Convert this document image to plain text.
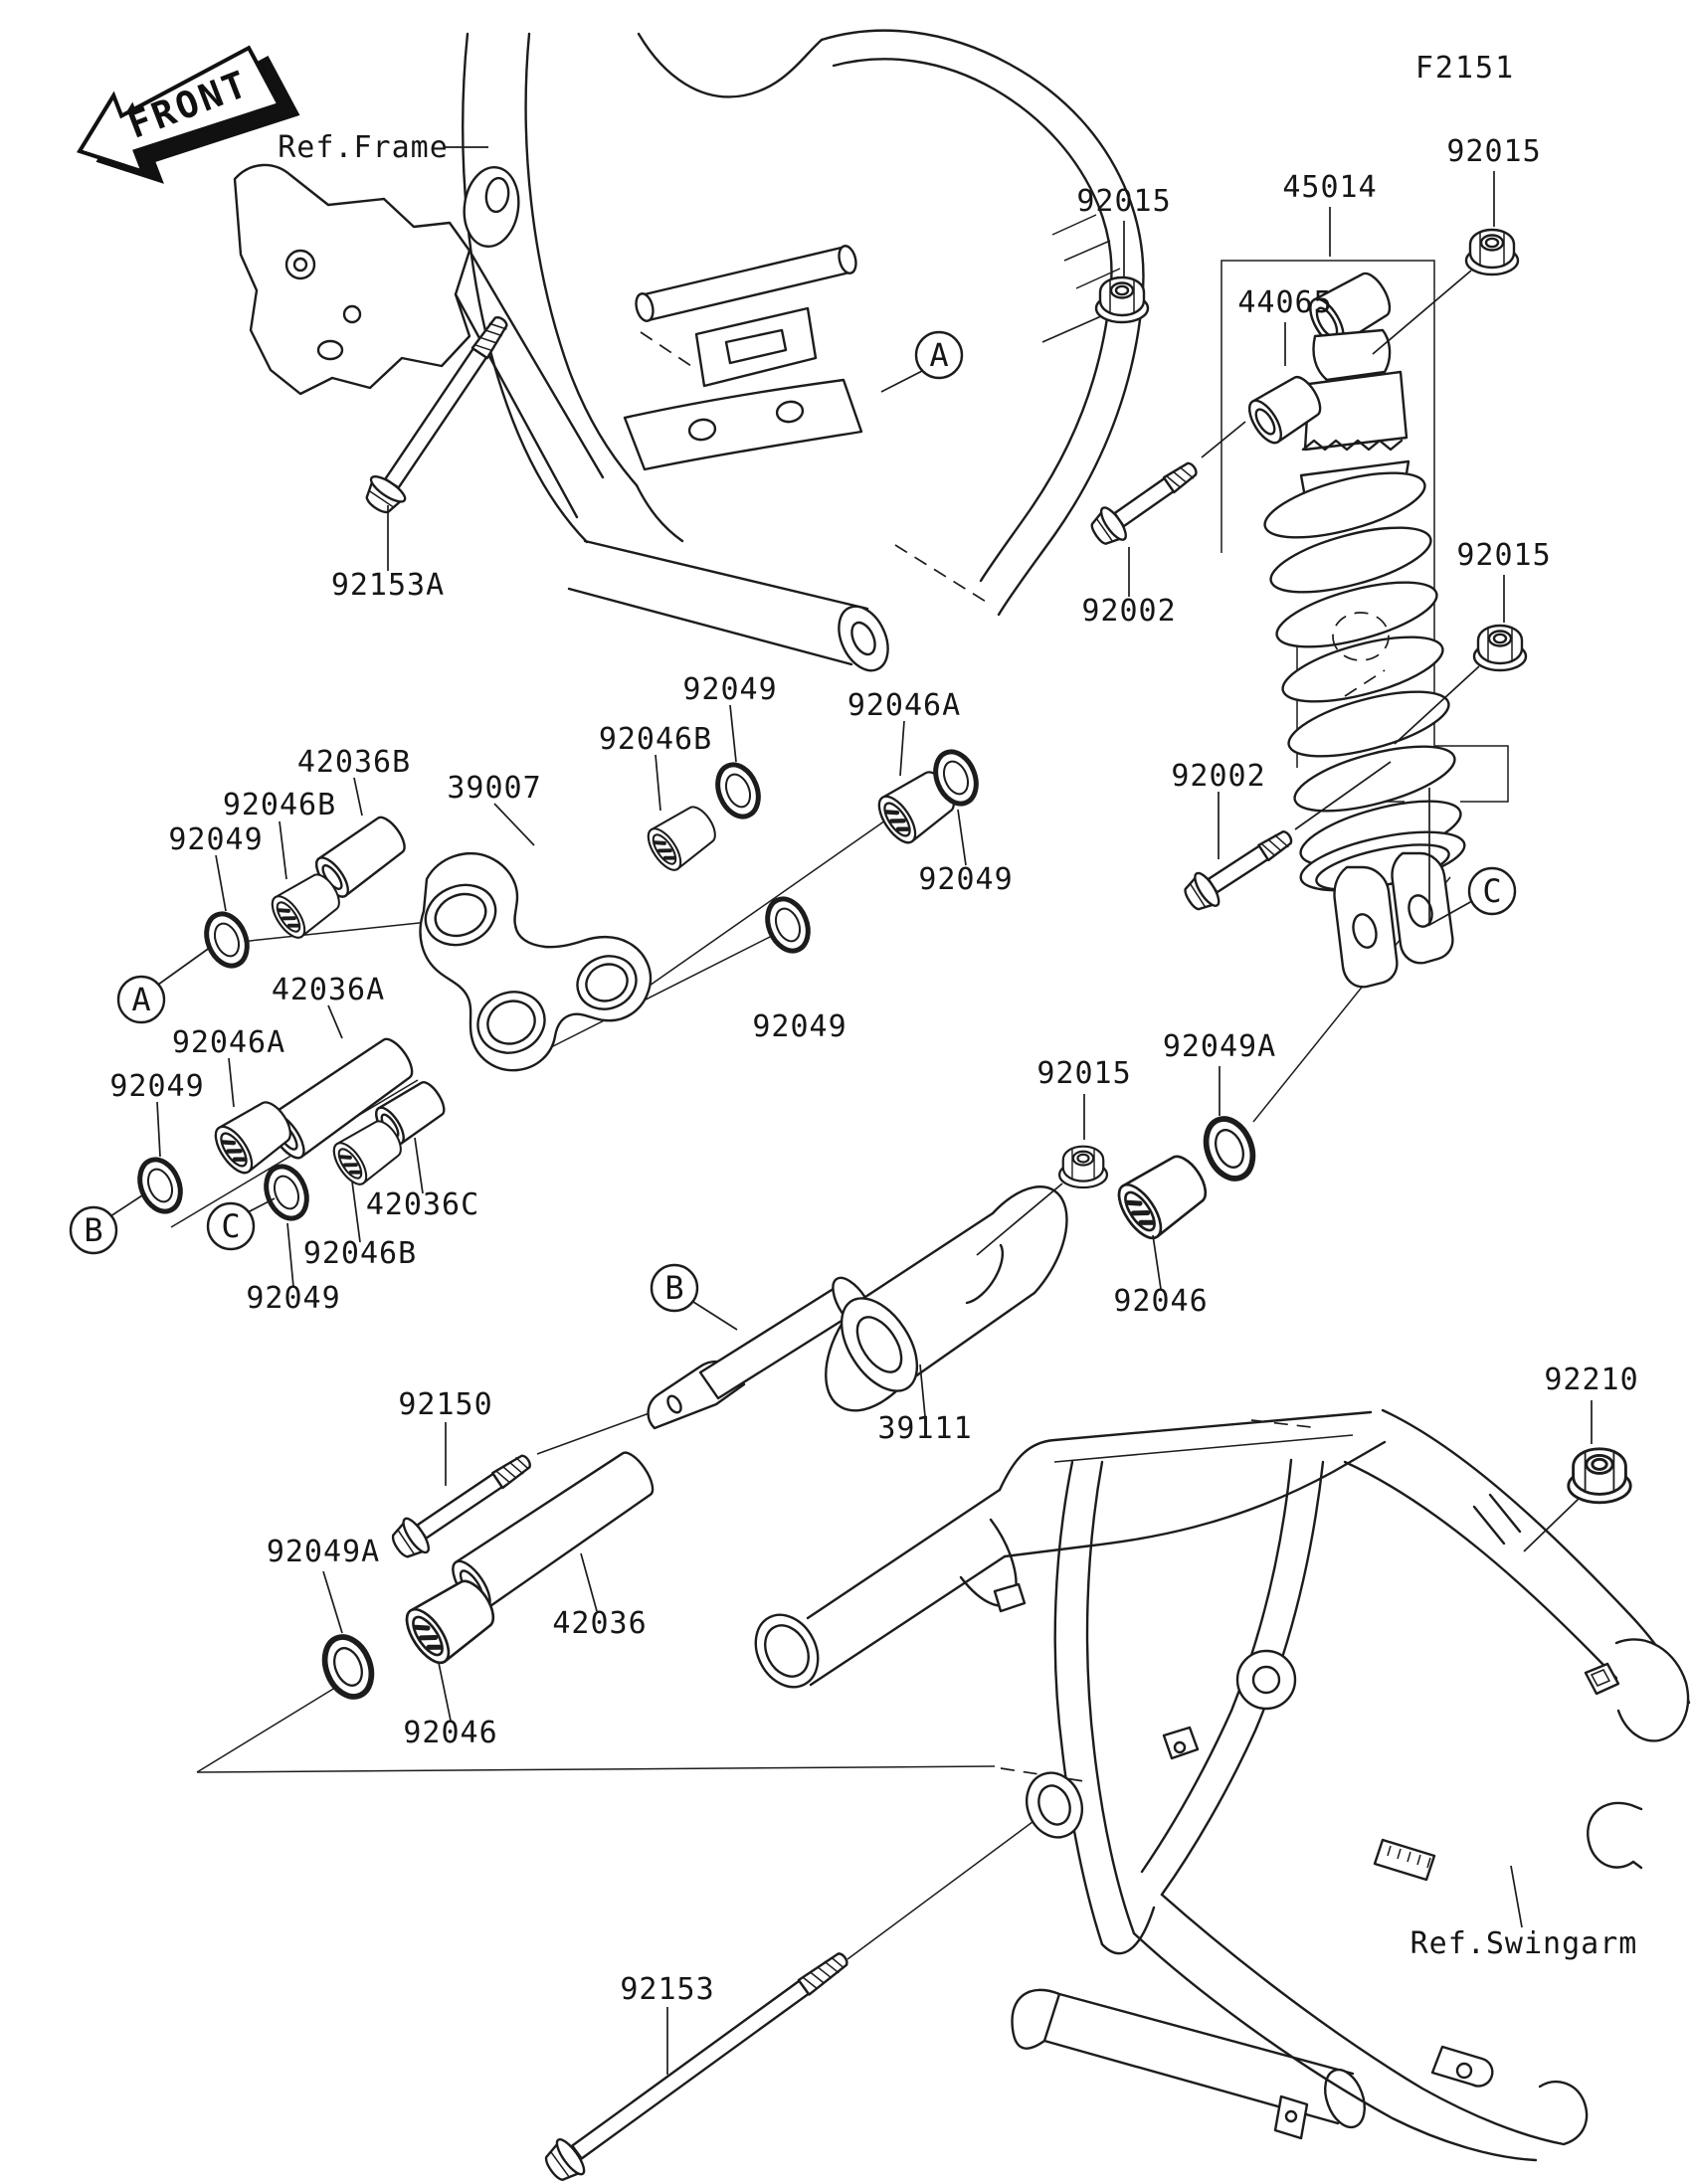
FRONT
A
A
B
B
C
C
F2151
Ref.Frame
Ref.Swingarm
92153A
92015	45014
44065
92015
92002
92015
92002
92049
92046B
42036B
39007
92046B
92049 92046A
92049
42036A
92046A
92049
42036C
92046B
92049
92049
92015
92049A
92046
39111
92150
92049A
42036
92046
92153
92210
